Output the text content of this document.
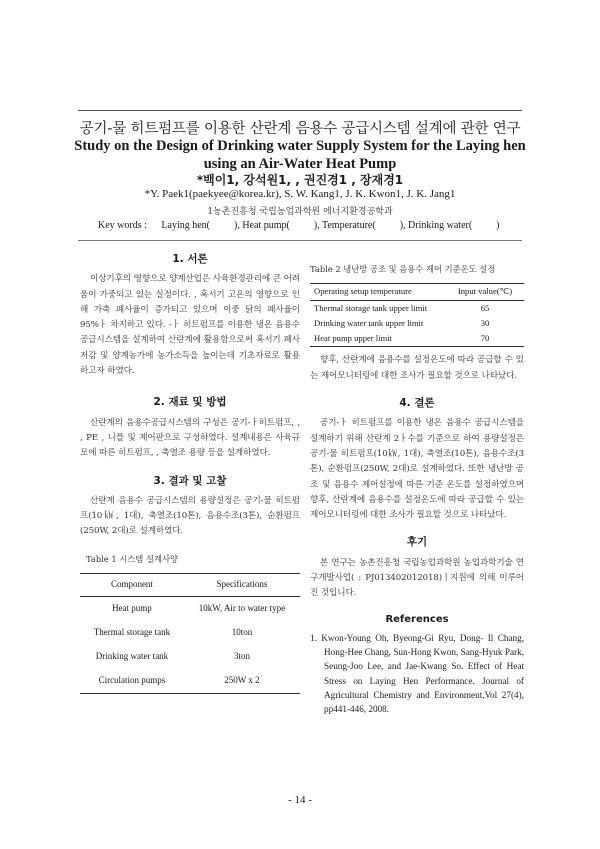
공기-물 히트펌프를 이용한 산란계 음용수 공급시스템 설계에 관한 연구
Study on the Design of Drinking water Supply System for the Laying hen using an Air-Water Heat Pump
*백이1, 강석원1, , 권진경1 , 장재경1
*Y. Paek1(paekyee@korea.kr), S. W. Kang1, J. K. Kwon1, J. K. Jang1
1농촌진흥청 국립농업과학원 에너지환경공학과
Key words : Laying hen( ), Heat pump( ), Temperature( ), Drinking water( )
1. 서론

이상기후의 영향으로 양계산업은 사육환경관리에 큰 어려움이 가중되고 있는 실정이다. , 혹서기 고온의 영향으로 인해 가축 폐사율이 증가되고 있으며 이중 닭의 폐사율이 95%ㅏ 차지하고 있다. -ㅏ 히트펌프를 이용한 냉온 음용수 공급시스템을 설계하여 산란계에 활용함으로써 혹서기 폐사저감 및 양계농가에 농가소득을 높이는데 기초자료로 활용하고자 하였다.

2. 재료 및 방법

산란계의 음용수공급시스템의 구성은 공기-ㅏ히트펌프, , , PE , 니플 및 제어판으로 구성하였다. 설계내용은 사육규모에 따른 히트펌프, , 축열조 용량 등을 설계하였다.

3. 결과 및 고찰

산란계 음용수 공급시스템의 용량설정은 공기-물 히트펌프(10㎾, 1대), 축열조(10톤), 음용수조(3톤), 순환펌프(250W, 2대)로 설계하였다.

Table 1 시스템 설계사양
Component	Specifications
Heat pump	10kW, Air to water type
Thermal storage tank	10ton
Drinking water tank	3ton
Circulation pumps	250W x 2
Table 2 냉난방 공조 및 음용수 제어 기준온도 설정
Operating setup temperature	Input value(℃)
Thermal storage tank upper limit	65
Drinking water tank upper limit	30
Heat pump upper limit	70

향후, 산란계에 음용수를 설정온도에 따라 공급할 수 있는 제어모니터링에 대한 조사가 필요할 것으로 나타났다.

4. 결론

공기-ㅏ 히트펌프를 이용한 냉온 음용수 공급시스템을 설계하기 위해 산란계 2ㅏ수를 기준으로 하여 용량설정은 공기-물 히트펌프(10㎾, 1대), 축열조(10톤), 음용수조(3톤), 순환펌프(250W, 2대)로 설계하였다. 또한 냉난방 공조 및 음용수 제어설정에 따른 기준 온도를 설정하였으며 향후, 산란계에 음용수를 설정온도에 따라 공급할 수 있는 제어모니터링에 대한 조사가 필요할 것으로 나타났다.

후기

본 연구는 농촌진흥청 국립농업과학원 농업과학기술 연구개발사업( : PJ013402012018)ㅣ지원에 의해 이루어진 것입니다.

References

1. Kwon-Young Oh, Byeong-Gi Ryu, Dong- Il Chang, Hong-Hee Chang, Sun-Hong Kwon, Sang-Hyuk Park, Seung-Joo Lee, and Jae-Kwang So. Effect of Heat Stress on Laying Hen Performance. Journal of Agricultural Chemistry and Environment,Vol 27(4), pp441-446, 2008.

- 14 -
